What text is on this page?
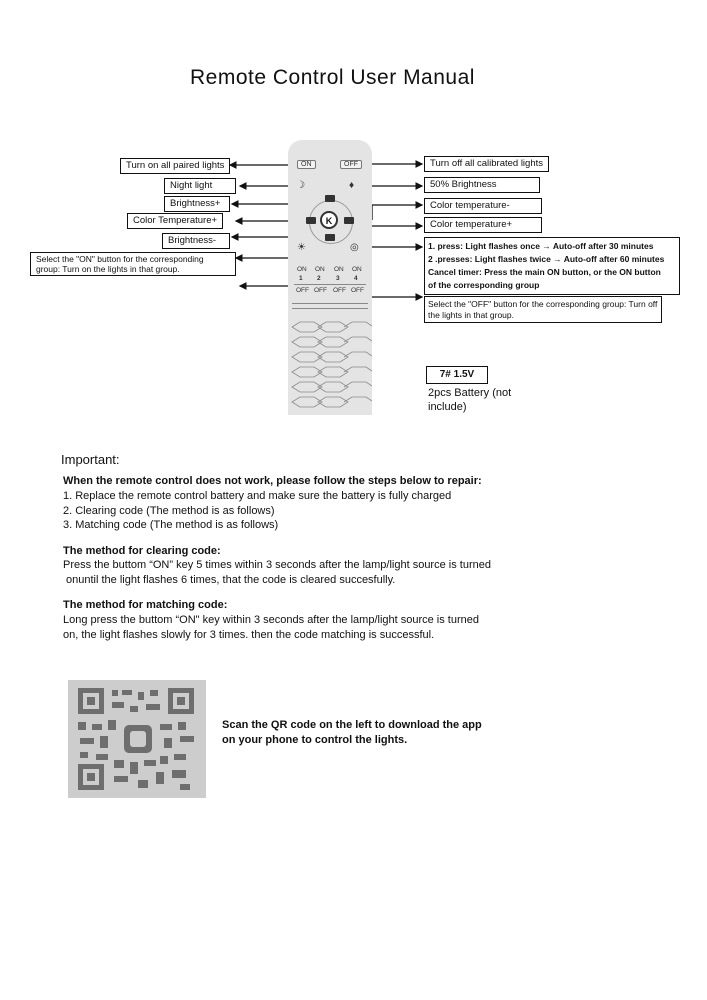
Remote Control User Manual
ON	OFF
☽	♦
K
☀	◎
ON ON ON ON
1 2 3 4
OFF OFF OFF OFF
Turn on all paired lights
Night light
Brightness+
Color Temperature+
Brightness-
Select the "ON" button for the corresponding group: Turn on the lights in that group.
Turn off all calibrated lights
50% Brightness
Color temperature-
Color temperature+
1. press: Light flashes once → Auto-off after 30 minutes
2 .presses: Light flashes twice → Auto-off after 60 minutes
Cancel timer: Press the main ON button, or the ON button
of the corresponding group
Select the "OFF" button for the corresponding group: Turn off the lights in that group.
7# 1.5V
2pcs Battery (not include)
Important:
When the remote control does not work, please follow the steps below to repair:
1. Replace the remote control battery and make sure the battery is fully charged
2. Clearing code (The method is as follows)
3. Matching code (The method is as follows)
The method for clearing code:
Press the buttom “ON” key 5 times within 3 seconds after the lamp/light source is turned
onuntil the light flashes 6 times, that the code is cleared succesfully.
The method for matching code:
Long press the buttom “ON" key within 3 seconds after the lamp/light source is turned
on, the light flashes slowly for 3 times. then the code matching is successful.
Scan the QR code on the left to download the app
on your phone to control the lights.
